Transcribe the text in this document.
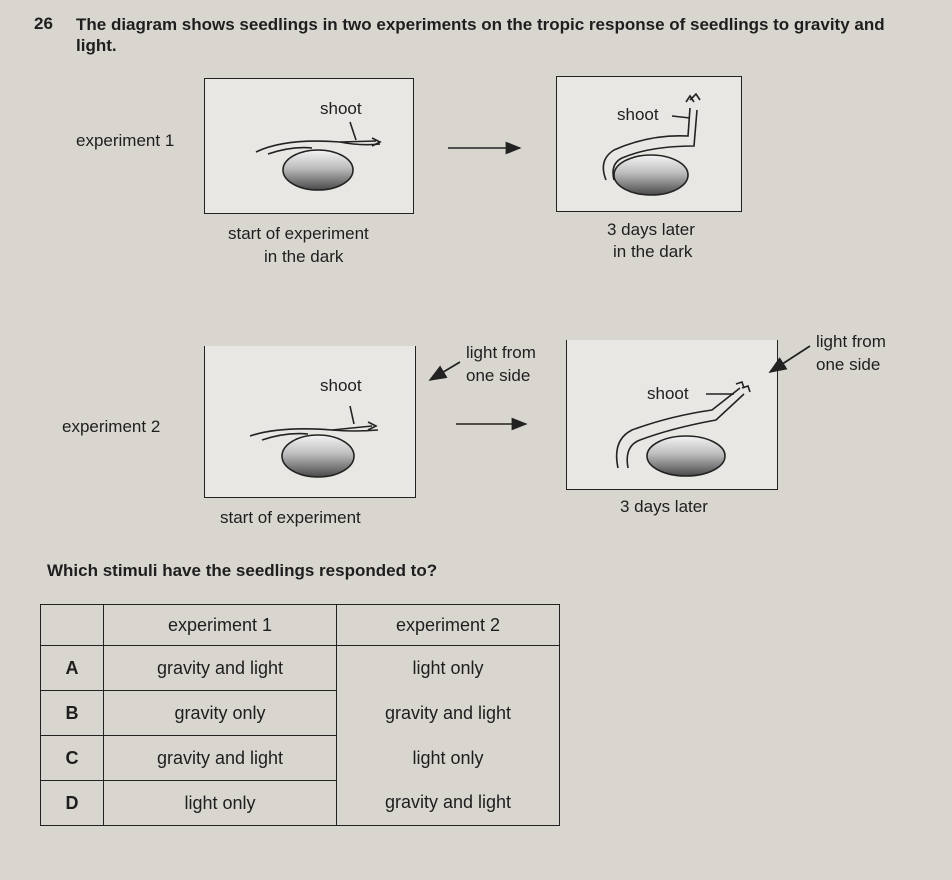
26 The diagram shows seedlings in two experiments on the tropic response of seedlings to gravity and light.
experiment 1
shoot	shoot
start of experiment
in the dark
3 days later
in the dark
experiment 2
shoot	shoot
light from
one side
light from
one side
start of experiment
3 days later
Which stimuli have the seedlings responded to?
	experiment 1	experiment 2
A	gravity and light	light only
B	gravity only	gravity and light
C	gravity and light	light only
D	light only	gravity and light
